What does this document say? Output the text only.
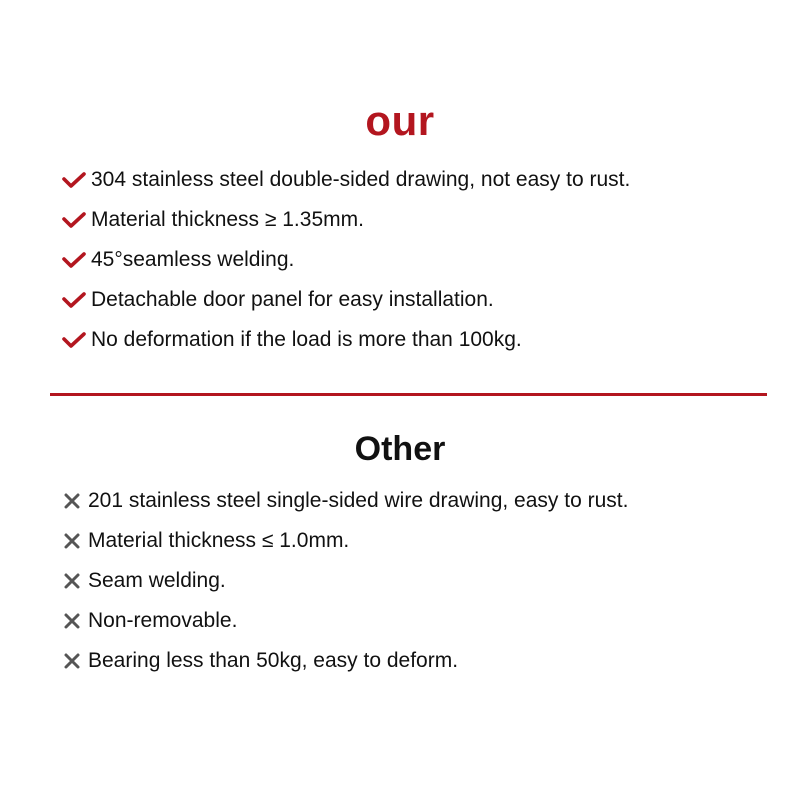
our
304 stainless steel double-sided drawing, not easy to rust.
Material thickness ≥ 1.35mm.
45°seamless welding.
Detachable door panel for easy installation.
No deformation if the load is more than 100kg.
Other
201 stainless steel single-sided wire drawing, easy to rust.
Material thickness ≤ 1.0mm.
Seam welding.
Non-removable.
Bearing less than 50kg, easy to deform.
